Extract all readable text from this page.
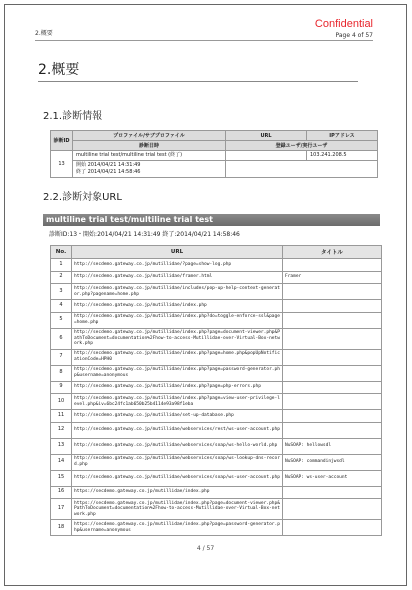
2.概要
Confidential
Page 4 of 57
2.概要
2.1.診断情報
診断ID	プロファイル/サブプロファイル	URL	IPアドレス
	診断日時	登録ユーザ/実行ユーザ	
13	multiline trial test/multiline trial test (終了)		103.241.208.5

	開始 2014/04/21 14:31:49
終了 2014/04/21 14:58:46		

2.2.診断対象URL
multiline trial test/multiline trial test
診断ID:13・開始:2014/04/21 14:31:49 終了:2014/04/21 14:58:46
No.	URL	タイトル
1	http://secdemo.gateway.co.jp/mutillidae/?page=show-log.php	
2	http://secdemo.gateway.co.jp/mutillidae/framer.html	Framer
3	http://secdemo.gateway.co.jp/mutillidae/includes/pop-up-help-context-generator.php?pagename=home.php	
4	http://secdemo.gateway.co.jp/mutillidae/index.php	
5	http://secdemo.gateway.co.jp/mutillidae/index.php?do=toggle-enforce-ssl&page=home.php	
6	http://secdemo.gateway.co.jp/mutillidae/index.php?page=document-viewer.php&PathToDocument=documentation%2Fhow-to-access-Mutillidae-over-Virtual-Box-network.php	
7	http://secdemo.gateway.co.jp/mutillidae/index.php?page=home.php&popUpNotificationCode=HPH0	
8	http://secdemo.gateway.co.jp/mutillidae/index.php?page=password-generator.php&username=anonymous	
9	http://secdemo.gateway.co.jp/mutillidae/index.php?page=php-errors.php	
10	http://secdemo.gateway.co.jp/mutillidae/index.php?page=view-user-privilege-level.php&iv=6bc24fc1ab650b25b4114e93a98f1eba	
11	http://secdemo.gateway.co.jp/mutillidae/set-up-database.php	
12	http://secdemo.gateway.co.jp/mutillidae/webservices/rest/ws-user-account.php	
13	http://secdemo.gateway.co.jp/mutillidae/webservices/soap/ws-hello-world.php	NuSOAP: hellowsdl
14	http://secdemo.gateway.co.jp/mutillidae/webservices/soap/ws-lookup-dns-record.php	NuSOAP: commandinjwsdl
15	http://secdemo.gateway.co.jp/mutillidae/webservices/soap/ws-user-account.php	NuSOAP: ws-user-account
16	https://secdemo.gateway.co.jp/mutillidae/index.php	
17	https://secdemo.gateway.co.jp/mutillidae/index.php?page=document-viewer.php&PathToDocument=documentation%2Fhow-to-access-Mutillidae-over-Virtual-Box-network.php	
18	https://secdemo.gateway.co.jp/mutillidae/index.php?page=password-generator.php&username=anonymous	
4 / 57
